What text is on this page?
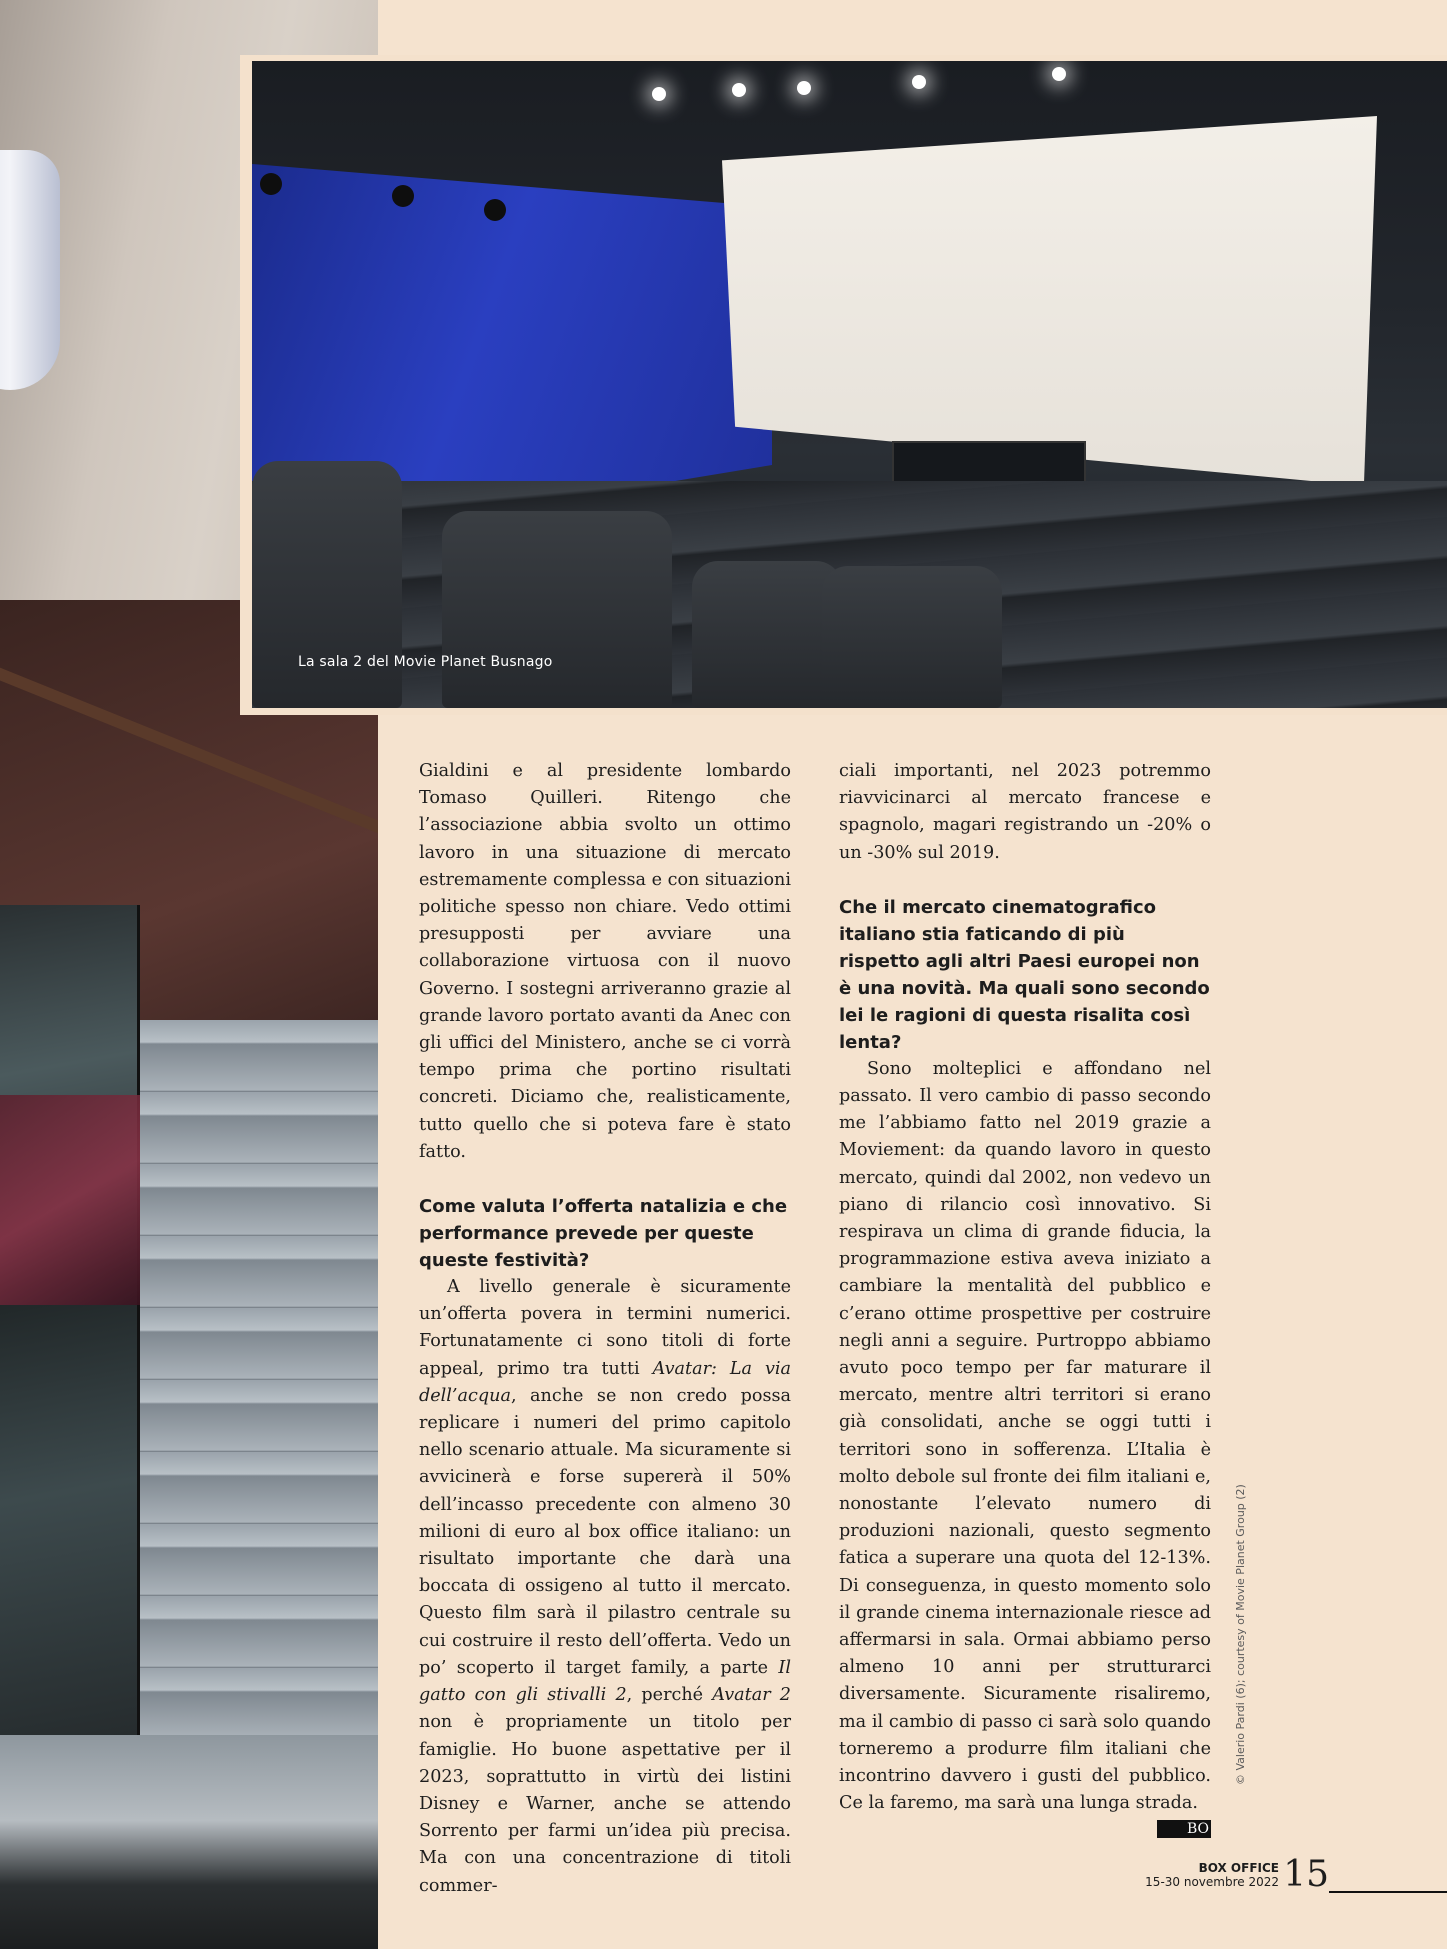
La sala 2 del Movie Planet Busnago

Gialdini e al presidente lombardo Tomaso Quilleri. Ritengo che l’associazione abbia svolto un ottimo lavoro in una situazione di mercato estremamente complessa e con situazioni politiche spesso non chiare. Vedo ottimi presupposti per avviare una collaborazione virtuosa con il nuovo Governo. I sostegni arriveranno grazie al grande lavoro portato avanti da Anec con gli uffici del Ministero, anche se ci vorrà tempo prima che portino risultati concreti. Diciamo che, realisticamente, tutto quello che si poteva fare è stato fatto.

Come valuta l’offerta natalizia e che performance prevede per queste queste festività?

A livello generale è sicuramente un’offerta povera in termini numerici. Fortunatamente ci sono titoli di forte appeal, primo tra tutti Avatar: La via dell’acqua, anche se non credo possa replicare i numeri del primo capitolo nello scenario attuale. Ma sicuramente si avvicinerà e forse supererà il 50% dell’incasso precedente con almeno 30 milioni di euro al box office italiano: un risultato importante che darà una boccata di ossigeno al tutto il mercato. Questo film sarà il pilastro centrale su cui costruire il resto dell’offerta. Vedo un po’ scoperto il target family, a parte Il gatto con gli stivalli 2, perché Avatar 2 non è propriamente un titolo per famiglie. Ho buone aspettative per il 2023, soprattutto in virtù dei listini Disney e Warner, anche se attendo Sorrento per farmi un’idea più precisa. Ma con una concentrazione di titoli commer-

ciali importanti, nel 2023 potremmo riavvicinarci al mercato francese e spagnolo, magari registrando un -20% o un -30% sul 2019.

Che il mercato cinematografico italiano stia faticando di più rispetto agli altri Paesi europei non è una novità. Ma quali sono secondo lei le ragioni di questa risalita così lenta?

Sono molteplici e affondano nel passato. Il vero cambio di passo secondo me l’abbiamo fatto nel 2019 grazie a Moviement: da quando lavoro in questo mercato, quindi dal 2002, non vedevo un piano di rilancio così innovativo. Si respirava un clima di grande fiducia, la programmazione estiva aveva iniziato a cambiare la mentalità del pubblico e c’erano ottime prospettive per costruire negli anni a seguire. Purtroppo abbiamo avuto poco tempo per far maturare il mercato, mentre altri territori si erano già consolidati, anche se oggi tutti i territori sono in sofferenza. L’Italia è molto debole sul fronte dei film italiani e, nonostante l’elevato numero di produzioni nazionali, questo segmento fatica a superare una quota del 12-13%. Di conseguenza, in questo momento solo il grande cinema internazionale riesce ad affermarsi in sala. Ormai abbiamo perso almeno 10 anni per strutturarci diversamente. Sicuramente risaliremo, ma il cambio di passo ci sarà solo quando torneremo a produrre film italiani che incontrino davvero i gusti del pubblico. Ce la faremo, ma sarà una lunga strada.
BO

© Valerio Pardi (6); courtesy of Movie Planet Group (2)
BOX OFFICE
15-30 novembre 2022 15
